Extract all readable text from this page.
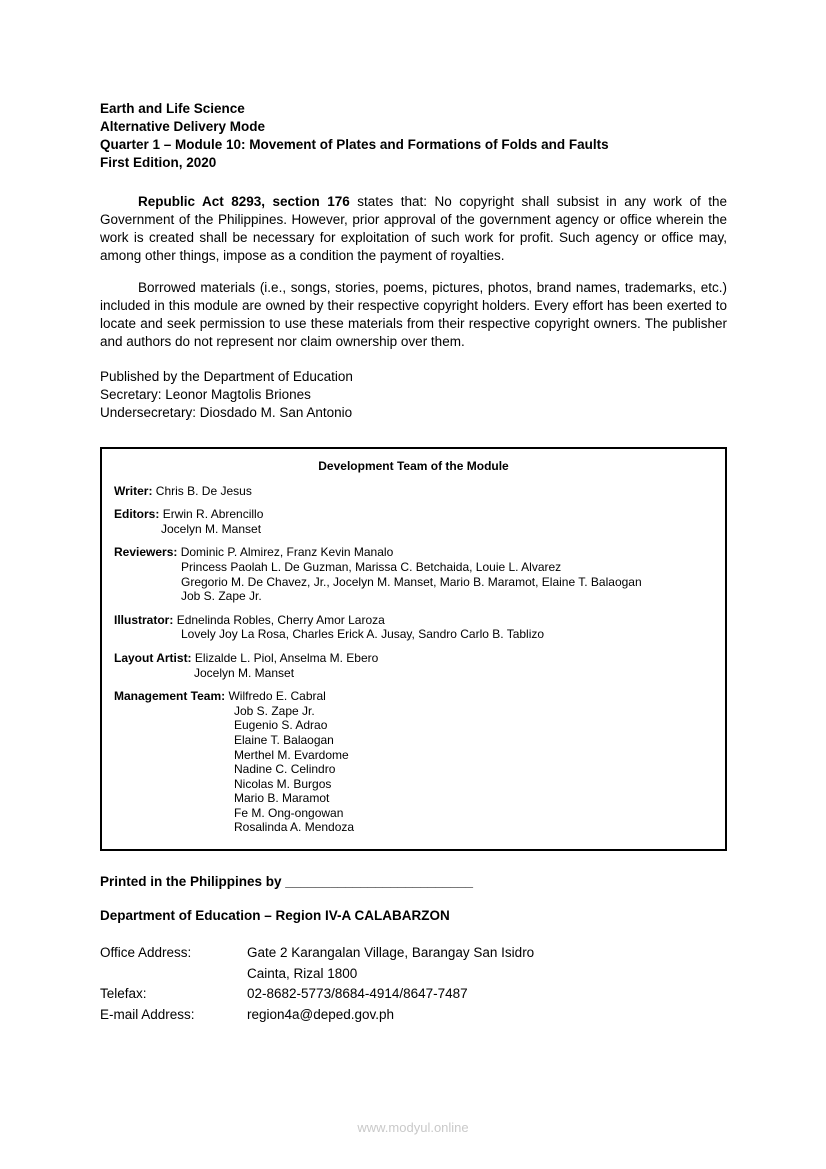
Earth and Life Science
Alternative Delivery Mode
Quarter 1 – Module 10: Movement of Plates and Formations of Folds and Faults
First Edition, 2020

Republic Act 8293, section 176 states that: No copyright shall subsist in any work of the Government of the Philippines. However, prior approval of the government agency or office wherein the work is created shall be necessary for exploitation of such work for profit. Such agency or office may, among other things, impose as a condition the payment of royalties.

Borrowed materials (i.e., songs, stories, poems, pictures, photos, brand names, trademarks, etc.) included in this module are owned by their respective copyright holders. Every effort has been exerted to locate and seek permission to use these materials from their respective copyright owners. The publisher and authors do not represent nor claim ownership over them.

Published by the Department of Education
Secretary: Leonor Magtolis Briones
Undersecretary: Diosdado M. San Antonio
Development Team of the Module
Writer: Chris B. De Jesus
Editors: Erwin R. Abrencillo
Jocelyn M. Manset
Reviewers: Dominic P. Almirez, Franz Kevin Manalo
Princess Paolah L. De Guzman, Marissa C. Betchaida, Louie L. Alvarez
Gregorio M. De Chavez, Jr., Jocelyn M. Manset, Mario B. Maramot, Elaine T. Balaogan
Job S. Zape Jr.
Illustrator: Ednelinda Robles, Cherry Amor Laroza
Lovely Joy La Rosa, Charles Erick A. Jusay, Sandro Carlo B. Tablizo
Layout Artist: Elizalde L. Piol, Anselma M. Ebero
Jocelyn M. Manset
Management Team: Wilfredo E. Cabral
Job S. Zape Jr.
Eugenio S. Adrao
Elaine T. Balaogan
Merthel M. Evardome
Nadine C. Celindro
Nicolas M. Burgos
Mario B. Maramot
Fe M. Ong-ongowan
Rosalinda A. Mendoza
Printed in the Philippines by _________________________
Department of Education – Region IV-A CALABARZON
Office Address:	Gate 2 Karangalan Village, Barangay San Isidro
Cainta, Rizal 1800
Telefax:	02-8682-5773/8684-4914/8647-7487
E-mail Address:	region4a@deped.gov.ph
www.modyul.online
